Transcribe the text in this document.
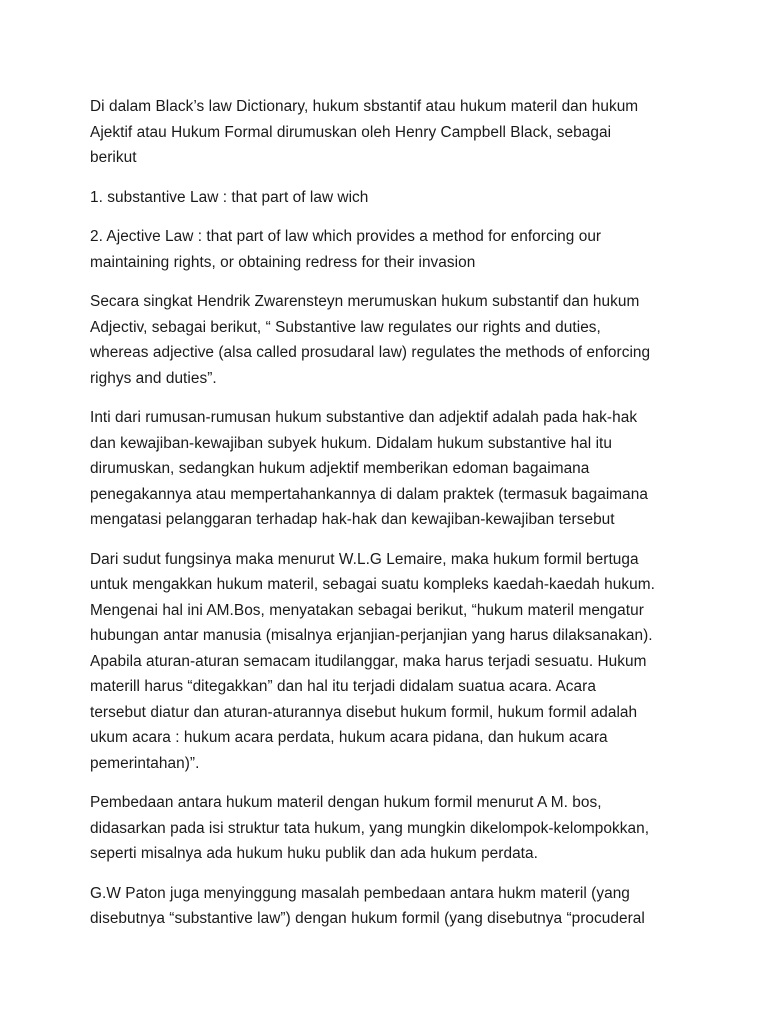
Di dalam Black’s law Dictionary, hukum sbstantif atau hukum materil dan hukum
Ajektif atau Hukum Formal dirumuskan oleh Henry Campbell Black, sebagai
berikut
1. substantive Law : that part of law wich
2. Ajective Law : that part of law which provides a method for enforcing our
maintaining rights, or obtaining redress for their invasion
Secara singkat Hendrik Zwarensteyn merumuskan hukum substantif dan hukum
Adjectiv, sebagai berikut, “ Substantive law regulates our rights and duties,
whereas adjective (alsa called prosudaral law) regulates the methods of enforcing
righys and duties”.
Inti dari rumusan-rumusan hukum substantive dan adjektif adalah pada hak-hak
dan kewajiban-kewajiban subyek hukum. Didalam hukum substantive hal itu
dirumuskan, sedangkan hukum adjektif memberikan edoman bagaimana
penegakannya atau mempertahankannya di dalam praktek (termasuk bagaimana
mengatasi pelanggaran terhadap hak-hak dan kewajiban-kewajiban tersebut
Dari sudut fungsinya maka menurut W.L.G Lemaire, maka hukum formil bertuga
untuk mengakkan hukum materil, sebagai suatu kompleks kaedah-kaedah hukum.
Mengenai hal ini AM.Bos, menyatakan sebagai berikut, “hukum materil mengatur
hubungan antar manusia (misalnya erjanjian-perjanjian yang harus dilaksanakan).
Apabila aturan-aturan semacam itudilanggar, maka harus terjadi sesuatu. Hukum
materill harus “ditegakkan” dan hal itu terjadi didalam suatua acara. Acara
tersebut diatur dan aturan-aturannya disebut hukum formil, hukum formil adalah
ukum acara : hukum acara perdata, hukum acara pidana, dan hukum acara
pemerintahan)”.
Pembedaan antara hukum materil dengan hukum formil menurut A M. bos,
didasarkan pada isi struktur tata hukum, yang mungkin dikelompok-kelompokkan,
seperti misalnya ada hukum huku publik dan ada hukum perdata.
G.W Paton juga menyinggung masalah pembedaan antara hukm materil (yang
disebutnya “substantive law”) dengan hukum formil (yang disebutnya “procuderal
